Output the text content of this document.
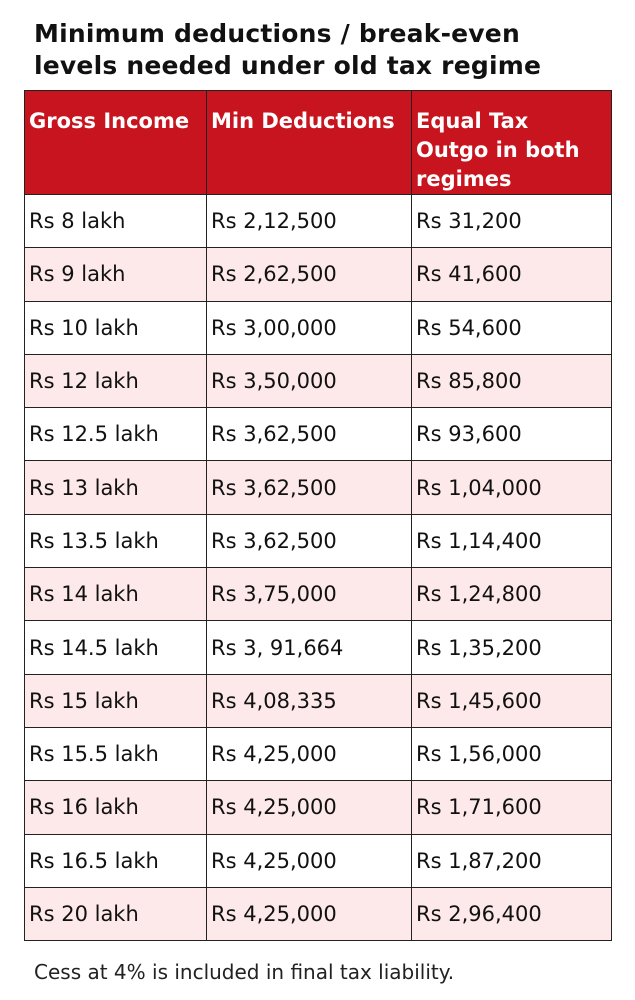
Minimum deductions / break-even
levels needed under old tax regime
Gross Income	Min Deductions	Equal Tax Outgo in both regimes
Rs 8 lakh	Rs 2,12,500	Rs 31,200
Rs 9 lakh	Rs 2,62,500	Rs 41,600
Rs 10 lakh	Rs 3,00,000	Rs 54,600
Rs 12 lakh	Rs 3,50,000	Rs 85,800
Rs 12.5 lakh	Rs 3,62,500	Rs 93,600
Rs 13 lakh	Rs 3,62,500	Rs 1,04,000
Rs 13.5 lakh	Rs 3,62,500	Rs 1,14,400
Rs 14 lakh	Rs 3,75,000	Rs 1,24,800
Rs 14.5 lakh	Rs 3, 91,664	Rs 1,35,200
Rs 15 lakh	Rs 4,08,335	Rs 1,45,600
Rs 15.5 lakh	Rs 4,25,000	Rs 1,56,000
Rs 16 lakh	Rs 4,25,000	Rs 1,71,600
Rs 16.5 lakh	Rs 4,25,000	Rs 1,87,200
Rs 20 lakh	Rs 4,25,000	Rs 2,96,400
Cess at 4% is included in final tax liability.
